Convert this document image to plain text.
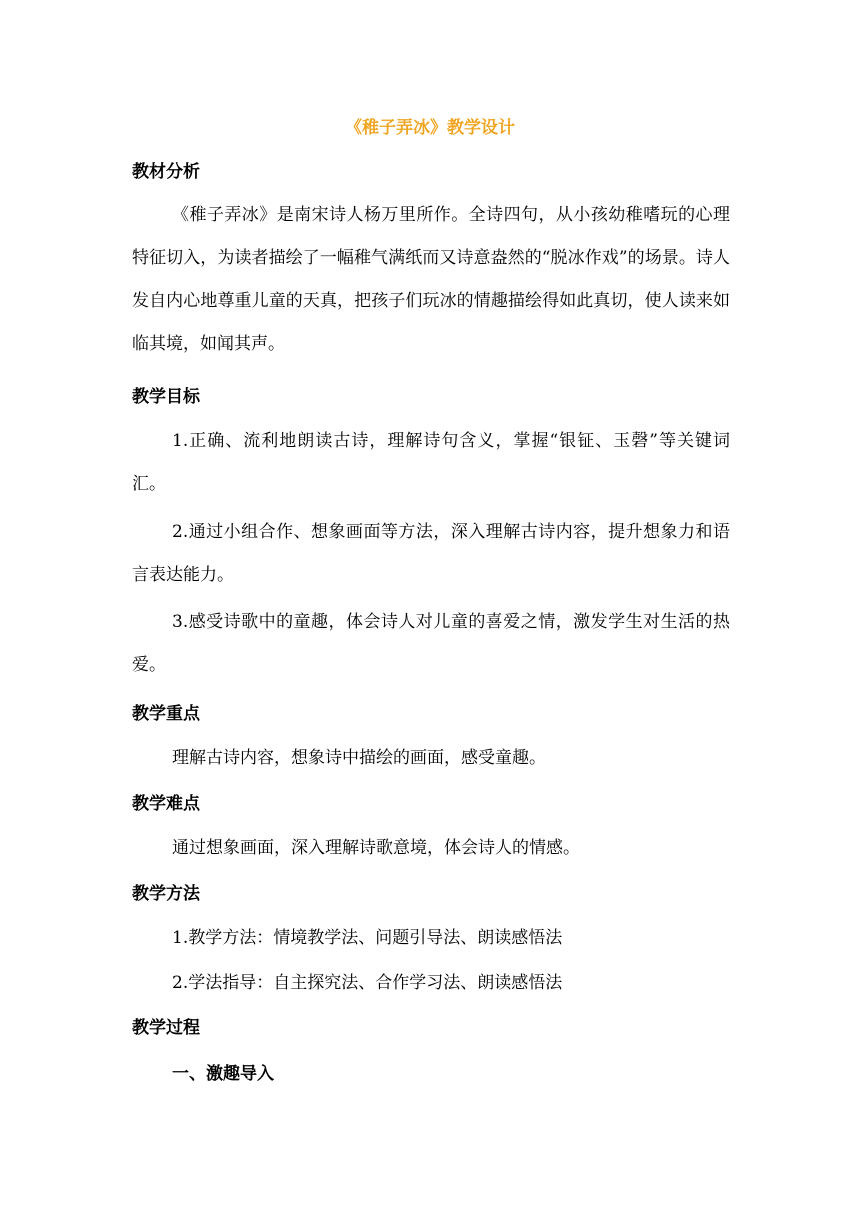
《稚子弄冰》教学设计
教材分析

《稚子弄冰》是南宋诗人杨万里所作。全诗四句，从小孩幼稚嗜玩的心理特征切入，为读者描绘了一幅稚气满纸而又诗意盎然的“脱冰作戏”的场景。诗人发自内心地尊重儿童的天真，把孩子们玩冰的情趣描绘得如此真切，使人读来如临其境，如闻其声。

教学目标

1.正确、流利地朗读古诗，理解诗句含义，掌握“银钲、玉磬”等关键词汇。

2.通过小组合作、想象画面等方法，深入理解古诗内容，提升想象力和语言表达能力。

3.感受诗歌中的童趣，体会诗人对儿童的喜爱之情，激发学生对生活的热爱。

教学重点
理解古诗内容，想象诗中描绘的画面，感受童趣。
教学难点
通过想象画面，深入理解诗歌意境，体会诗人的情感。
教学方法
1.教学方法：情境教学法、问题引导法、朗读感悟法
2.学法指导：自主探究法、合作学习法、朗读感悟法
教学过程
一、激趣导入
